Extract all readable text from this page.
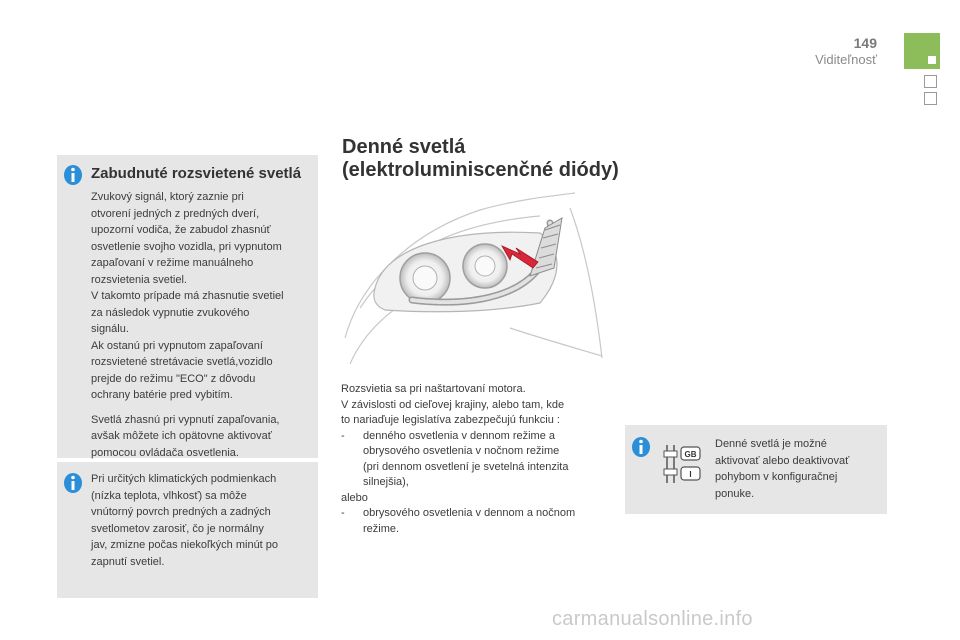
149
Viditeľnosť
Zabudnuté rozsvietené svetlá

Zvukový signál, ktorý zaznie pri
otvorení jedných z predných dverí,
upozorní vodiča, že zabudol zhasnúť
osvetlenie svojho vozidla, pri vypnutom
zapaľovaní v režime manuálneho
rozsvietenia svetiel.
V takomto prípade má zhasnutie svetiel
za následok vypnutie zvukového
signálu.
Ak ostanú pri vypnutom zapaľovaní
rozsvietené stretávacie svetlá,vozidlo
prejde do režimu "ECO" z dôvodu
ochrany batérie pred vybitím.

Svetlá zhasnú pri vypnutí zapaľovania,
avšak môžete ich opätovne aktivovať
pomocou ovládača osvetlenia.

Pri určitých klimatických podmienkach
(nízka teplota, vlhkosť) sa môže
vnútorný povrch predných a zadných
svetlometov zarosiť, čo je normálny
jav, zmizne počas niekoľkých minút po
zapnutí svetiel.
Denné svetlá
(elektroluminiscenčné diódy)
Rozsvietia sa pri naštartovaní motora.
V závislosti od cieľovej krajiny, alebo tam, kde
to nariaďuje legislatíva zabezpečujú funkciu :
-	denného osvetlenia v dennom režime a
obrysového osvetlenia v nočnom režime
(pri dennom osvetlení je svetelná intenzita
silnejšia),
alebo
-	obrysového osvetlenia v dennom a nočnom
režime.
GB
I
Denné svetlá je možné
aktivovať alebo deaktivovať
pohybom v konfiguračnej
ponuke.
carmanualsonline.info
